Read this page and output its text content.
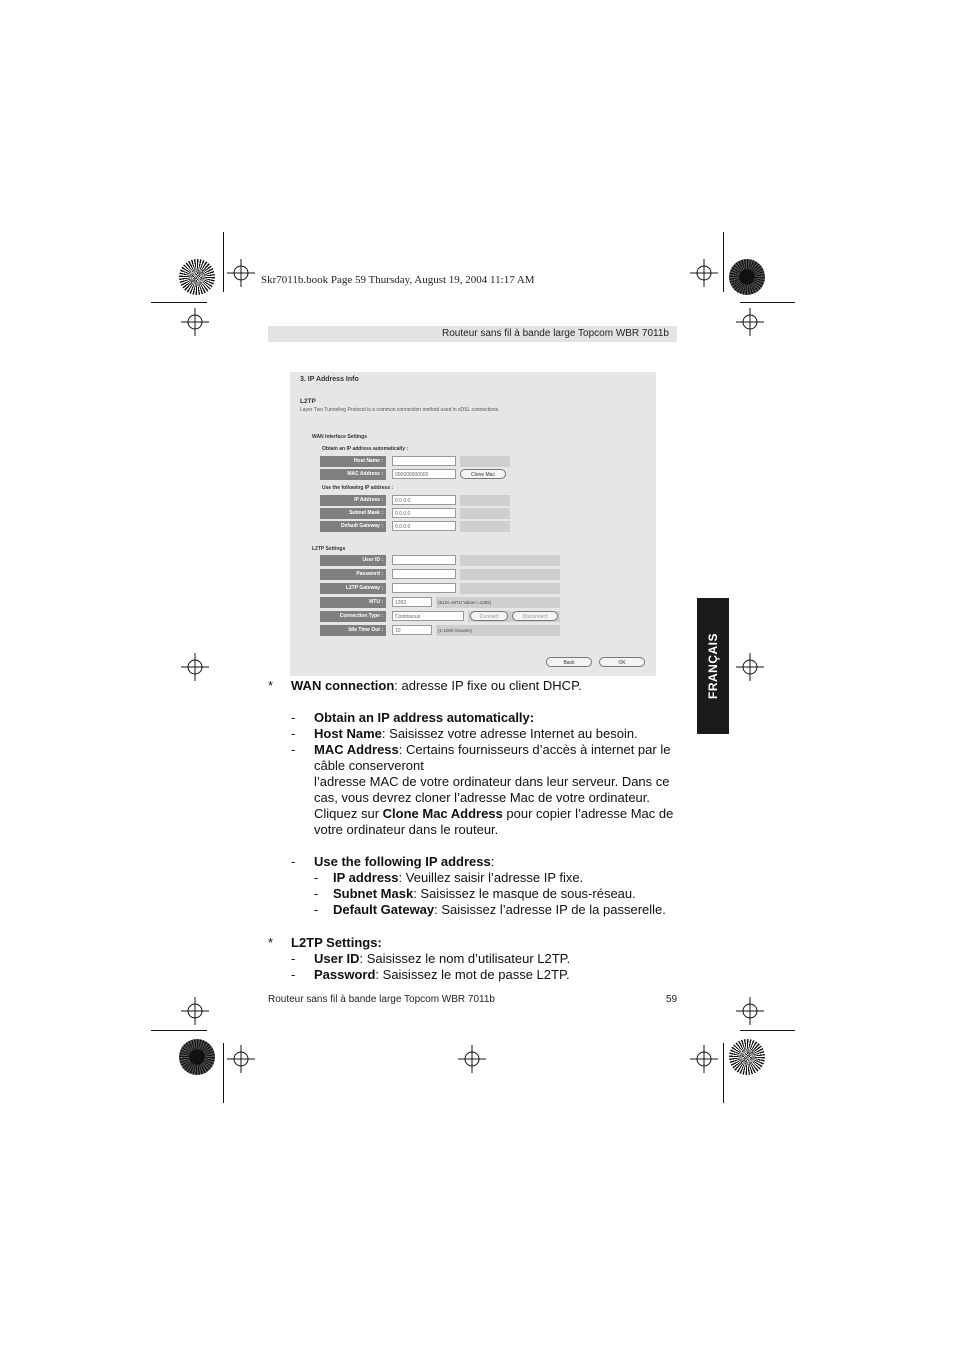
Skr7011b.book Page 59 Thursday, August 19, 2004 11:17 AM
Routeur sans fil à bande large Topcom WBR 7011b
FRANÇAIS
3. IP Address Info
L2TP
Layer Two Tunneling Protocol is a common connection method used in xDSL connections.
WAN Interface Settings
Obtain an IP address automatically :
Host Name :
MAC Address :	000000000000	Clone Mac
Use the following IP address :
IP Address :	0.0.0.0
Subnet Mask :	0.0.0.0
Default Gateway :	0.0.0.0
L2TP Settings
User ID :
Password :
L2TP Gateway :
MTU :	1392	(512<=MTU Value<=1492)
Connection Type :	Continuous	Connect	Disconnect
Idle Time Out :	10	(1-1000 minutes)
Back	OK
* WAN connection: adresse IP fixe ou client DHCP.
- Obtain an IP address automatically:
- Host Name: Saisissez votre adresse Internet au besoin.
- MAC Address: Certains fournisseurs d’accès à internet par le
câble conserveront
l’adresse MAC de votre ordinateur dans leur serveur. Dans ce
cas, vous devrez cloner l’adresse Mac de votre ordinateur.
Cliquez sur Clone Mac Address pour copier l’adresse Mac de
votre ordinateur dans le routeur.
- Use the following IP address:
- IP address: Veuillez saisir l’adresse IP fixe.
- Subnet Mask: Saisissez le masque de sous-réseau.
- Default Gateway: Saisissez l’adresse IP de la passerelle.
* L2TP Settings:
- User ID: Saisissez le nom d’utilisateur L2TP.
- Password: Saisissez le mot de passe L2TP.
Routeur sans fil à bande large Topcom WBR 7011b	59
